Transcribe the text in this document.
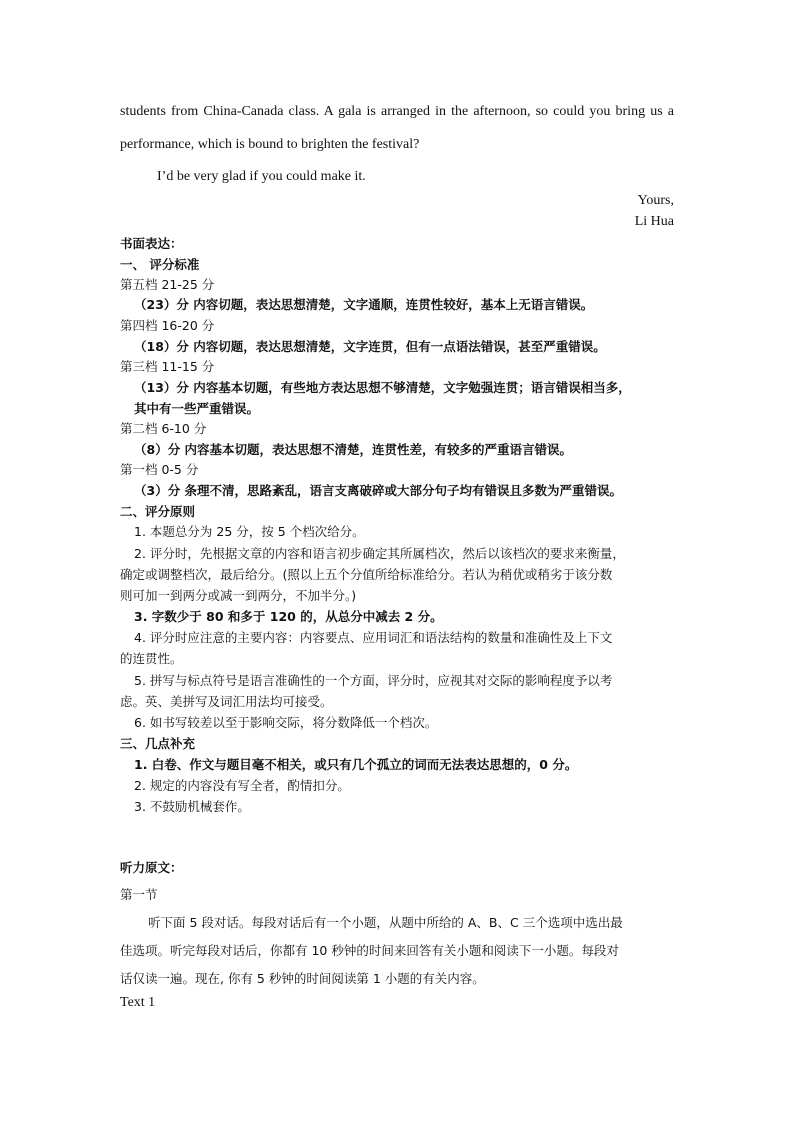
students from China-Canada class. A gala is arranged in the afternoon, so could you bring us a
performance, which is bound to brighten the festival?
I’d be very glad if you could make it.
Yours,
Li Hua
书面表达：
一、 评分标准
第五档 21-25 分
（23）分 内容切题，表达思想清楚，文字通顺，连贯性较好，基本上无语言错误。
第四档 16-20 分
（18）分 内容切题，表达思想清楚，文字连贯，但有一点语法错误，甚至严重错误。
第三档 11-15 分
（13）分 内容基本切题，有些地方表达思想不够清楚，文字勉强连贯；语言错误相当多，
其中有一些严重错误。
第二档 6-10 分
（8）分 内容基本切题，表达思想不清楚，连贯性差，有较多的严重语言错误。
第一档 0-5 分
（3）分 条理不清，思路紊乱，语言支离破碎或大部分句子均有错误且多数为严重错误。
二、评分原则
1. 本题总分为 25 分，按 5 个档次给分。
2. 评分时，先根据文章的内容和语言初步确定其所属档次，然后以该档次的要求来衡量，
确定或调整档次，最后给分。(照以上五个分值所给标准给分。若认为稍优或稍劣于该分数
则可加一到两分或减一到两分，不加半分。)
3. 字数少于 80 和多于 120 的，从总分中减去 2 分。
4. 评分时应注意的主要内容：内容要点、应用词汇和语法结构的数量和准确性及上下文
的连贯性。
5. 拼写与标点符号是语言准确性的一个方面，评分时，应视其对交际的影响程度予以考
虑。英、美拼写及词汇用法均可接受。
6. 如书写较差以至于影响交际，将分数降低一个档次。
三、几点补充
1. 白卷、作文与题目毫不相关，或只有几个孤立的词而无法表达思想的，0 分。
2. 规定的内容没有写全者，酌情扣分。
3. 不鼓励机械套作。
听力原文：
第一节
听下面 5 段对话。每段对话后有一个小题，从题中所给的 A、B、C 三个选项中选出最
佳选项。听完每段对话后，你都有 10 秒钟的时间来回答有关小题和阅读下一小题。每段对
话仅读一遍。现在, 你有 5 秒钟的时间阅读第 1 小题的有关内容。
Text 1
